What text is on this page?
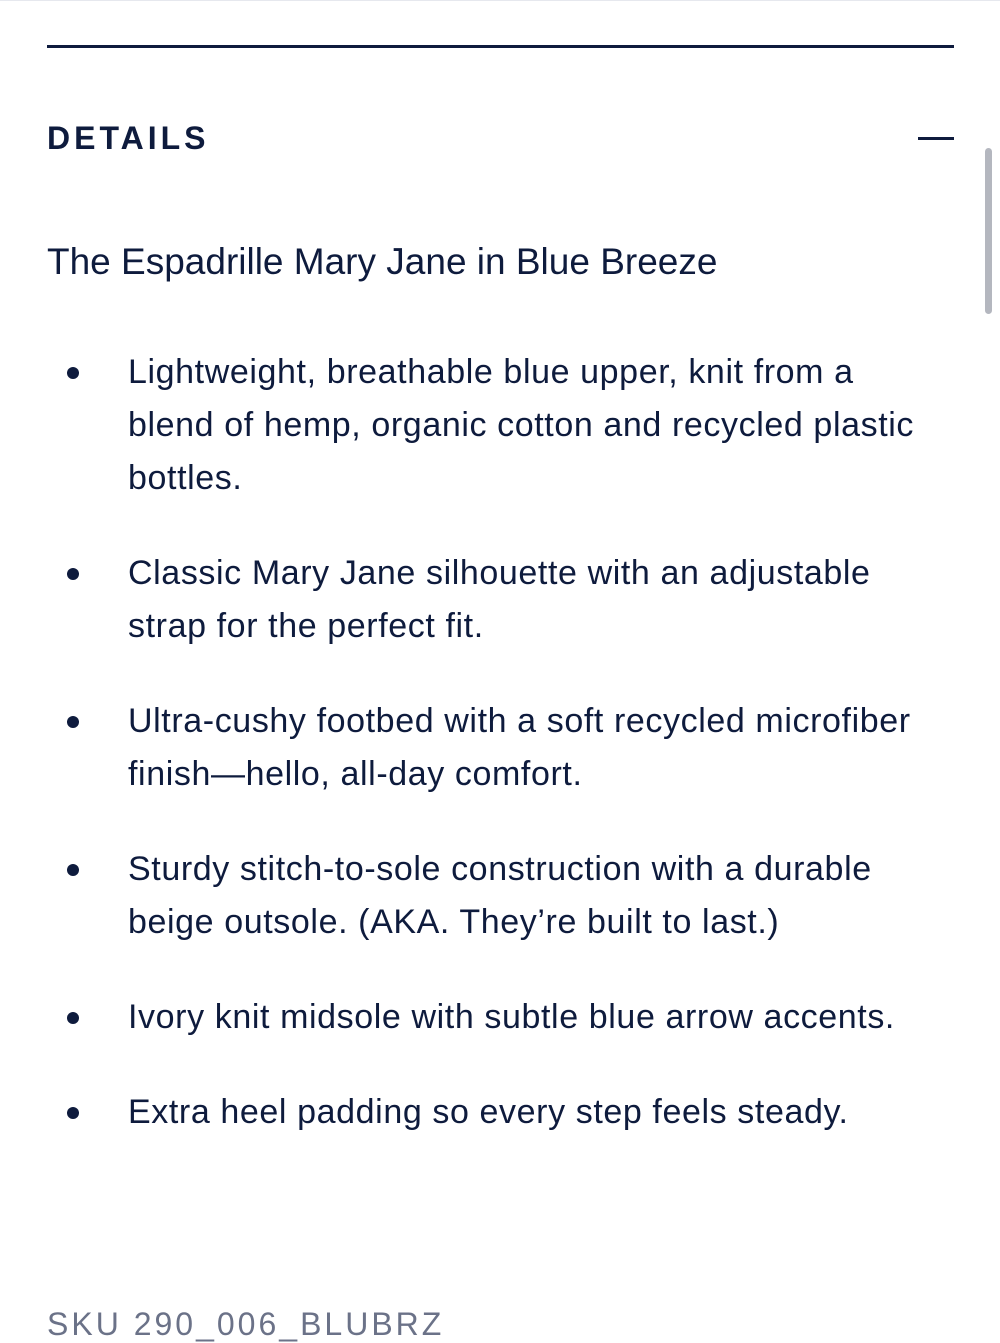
DETAILS
The Espadrille Mary Jane in Blue Breeze
Lightweight, breathable blue upper, knit from a blend of hemp, organic cotton and recycled plastic bottles.
Classic Mary Jane silhouette with an adjustable strap for the perfect fit.
Ultra-cushy footbed with a soft recycled microfiber finish—hello, all-day comfort.
Sturdy stitch-to-sole construction with a durable beige outsole. (AKA. They’re built to last.)
Ivory knit midsole with subtle blue arrow accents.
Extra heel padding so every step feels steady.
SKU 290_006_BLUBRZ
